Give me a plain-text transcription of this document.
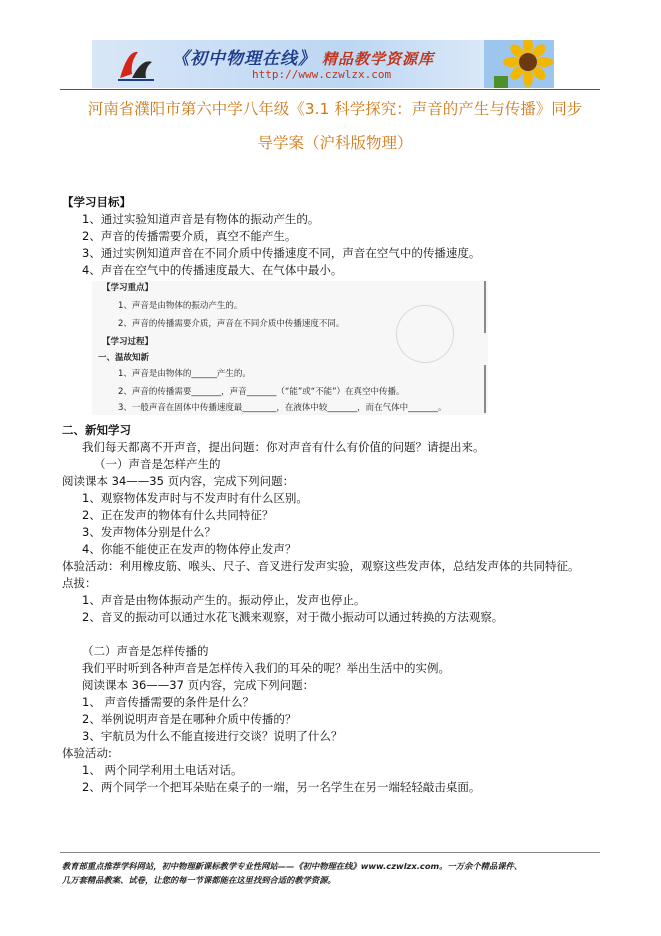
《初中物理在线》 精品教学资源库
http://www.czwlzx.com
河南省濮阳市第六中学八年级《3.1 科学探究：声音的产生与传播》同步
导学案（沪科版物理）
【学习目标】
1、通过实验知道声音是有物体的振动产生的。
2、声音的传播需要介质，真空不能产生。
3、通过实例知道声音在不同介质中传播速度不同，声音在空气中的传播速度。
4、声音在空气中的传播速度最大、在气体中最小。
【学习重点】
1、声音是由物体的振动产生的。
2、声音的传播需要介质，声音在不同介质中传播速度不同。
【学习过程】
一、温故知新
1、声音是由物体的______产生的。
2、声音的传播需要_______，声音_______（“能”或“不能”）在真空中传播。
3、一般声音在固体中传播速度最________，在液体中较_______，而在气体中_______。
二、新知学习
我们每天都离不开声音，提出问题：你对声音有什么有价值的问题？请提出来。
（一）声音是怎样产生的
阅读课本 34——35 页内容，完成下列问题：
1、观察物体发声时与不发声时有什么区别。
2、正在发声的物体有什么共同特征？
3、发声物体分别是什么？
4、你能不能使正在发声的物体停止发声？
体验活动：利用橡皮筋、喉头、尺子、音叉进行发声实验，观察这些发声体，总结发声体的共同特征。
点拔：
1、声音是由物体振动产生的。振动停止，发声也停止。
2、音叉的振动可以通过水花飞溅来观察，对于微小振动可以通过转换的方法观察。
（二）声音是怎样传播的
我们平时听到各种声音是怎样传入我们的耳朵的呢？举出生活中的实例。
阅读课本 36——37 页内容，完成下列问题：
1、 声音传播需要的条件是什么？
2、举例说明声音是在哪种介质中传播的？
3、宇航员为什么不能直接进行交谈？说明了什么？
体验活动:
1、 两个同学利用土电话对话。
2、两个同学一个把耳朵贴在桌子的一端，另一名学生在另一端轻轻敲击桌面。
教育部重点推荐学科网站，初中物理新课标教学专业性网站——《初中物理在线》www.czwlzx.com。一万余个精品课件、
几万套精品教案、试卷，让您的每一节课都能在这里找到合适的教学资源。
